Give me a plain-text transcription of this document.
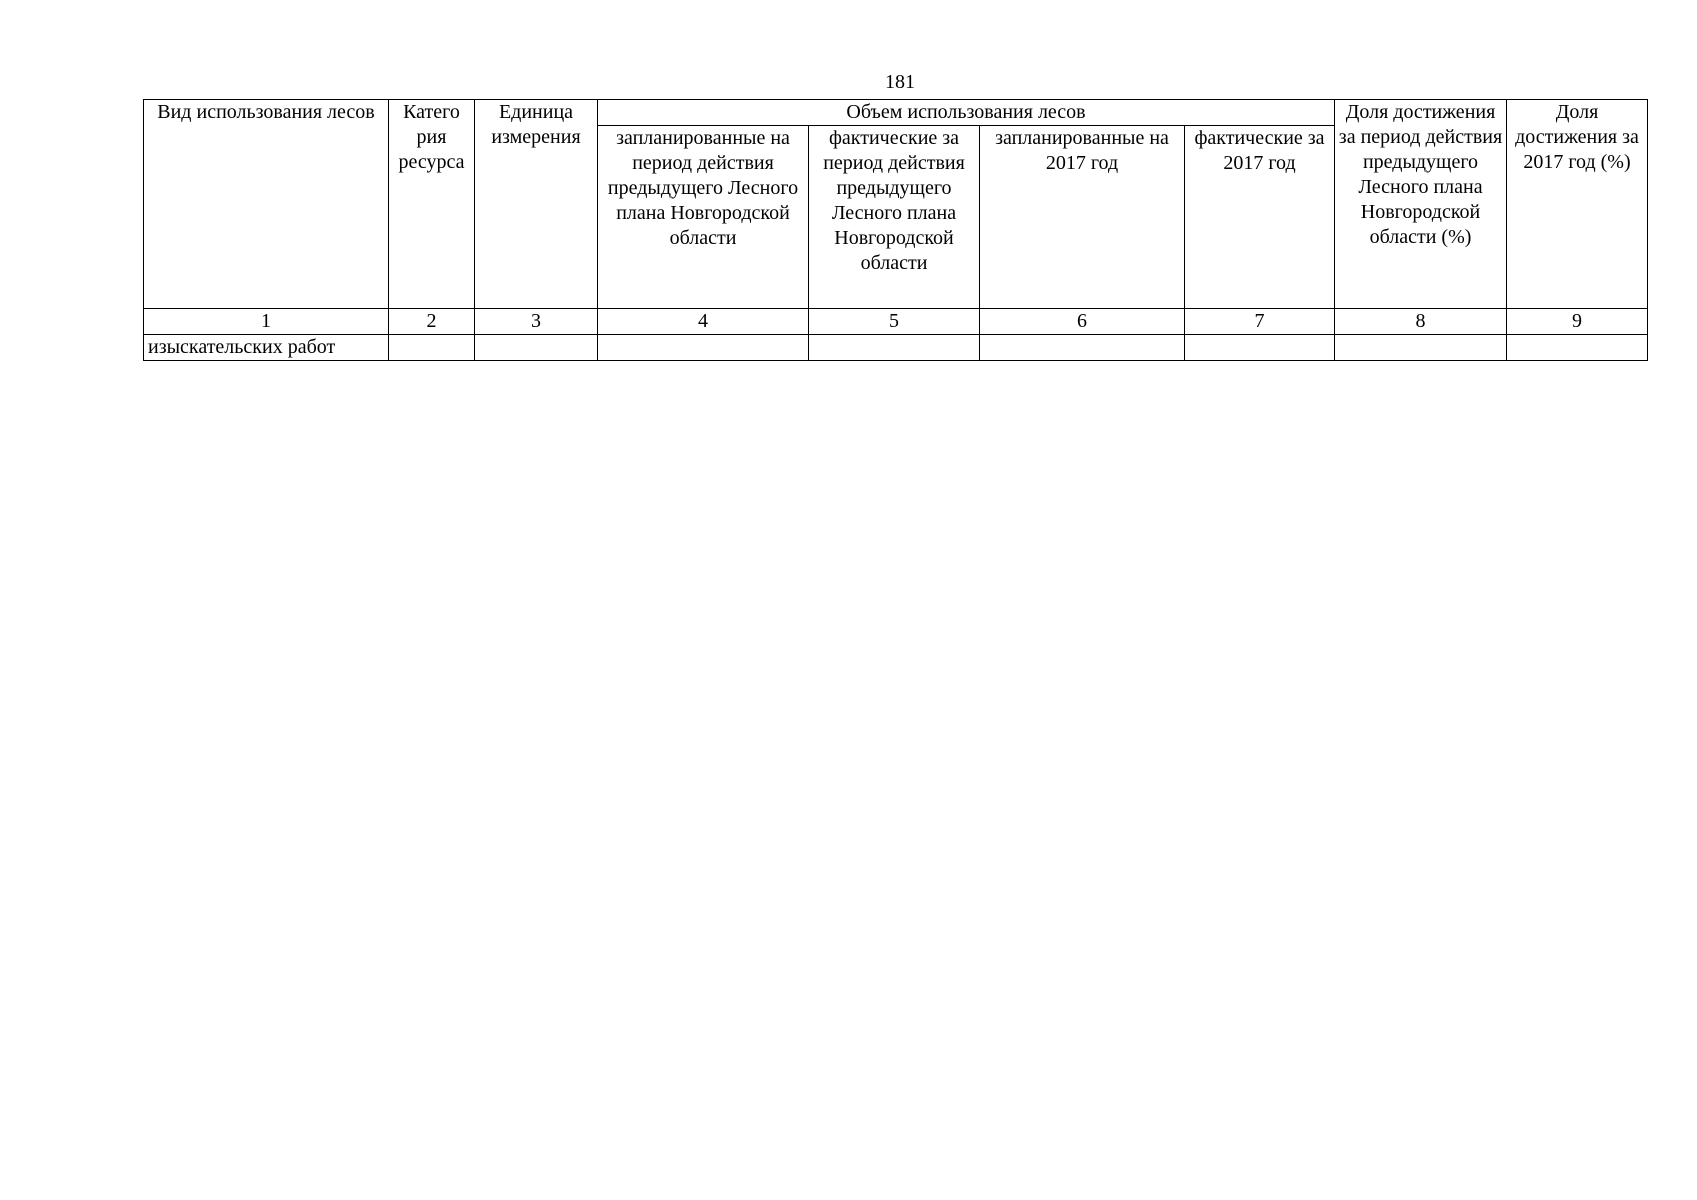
181
Вид использования лесов	Катего рия ресурса	Единица измерения	Объем использования лесов				Доля достижения за период действия предыдущего Лесного плана Новгородской области (%)	Доля достижения за 2017 год (%)
			запланированные на период действия предыдущего Лесного плана Новгородской области	фактические за период действия предыдущего Лесного плана Новгородской области	запланированные на 2017 год	фактические за 2017 год		
1	2	3	4	5	6	7	8	9
изыскательских работ								
